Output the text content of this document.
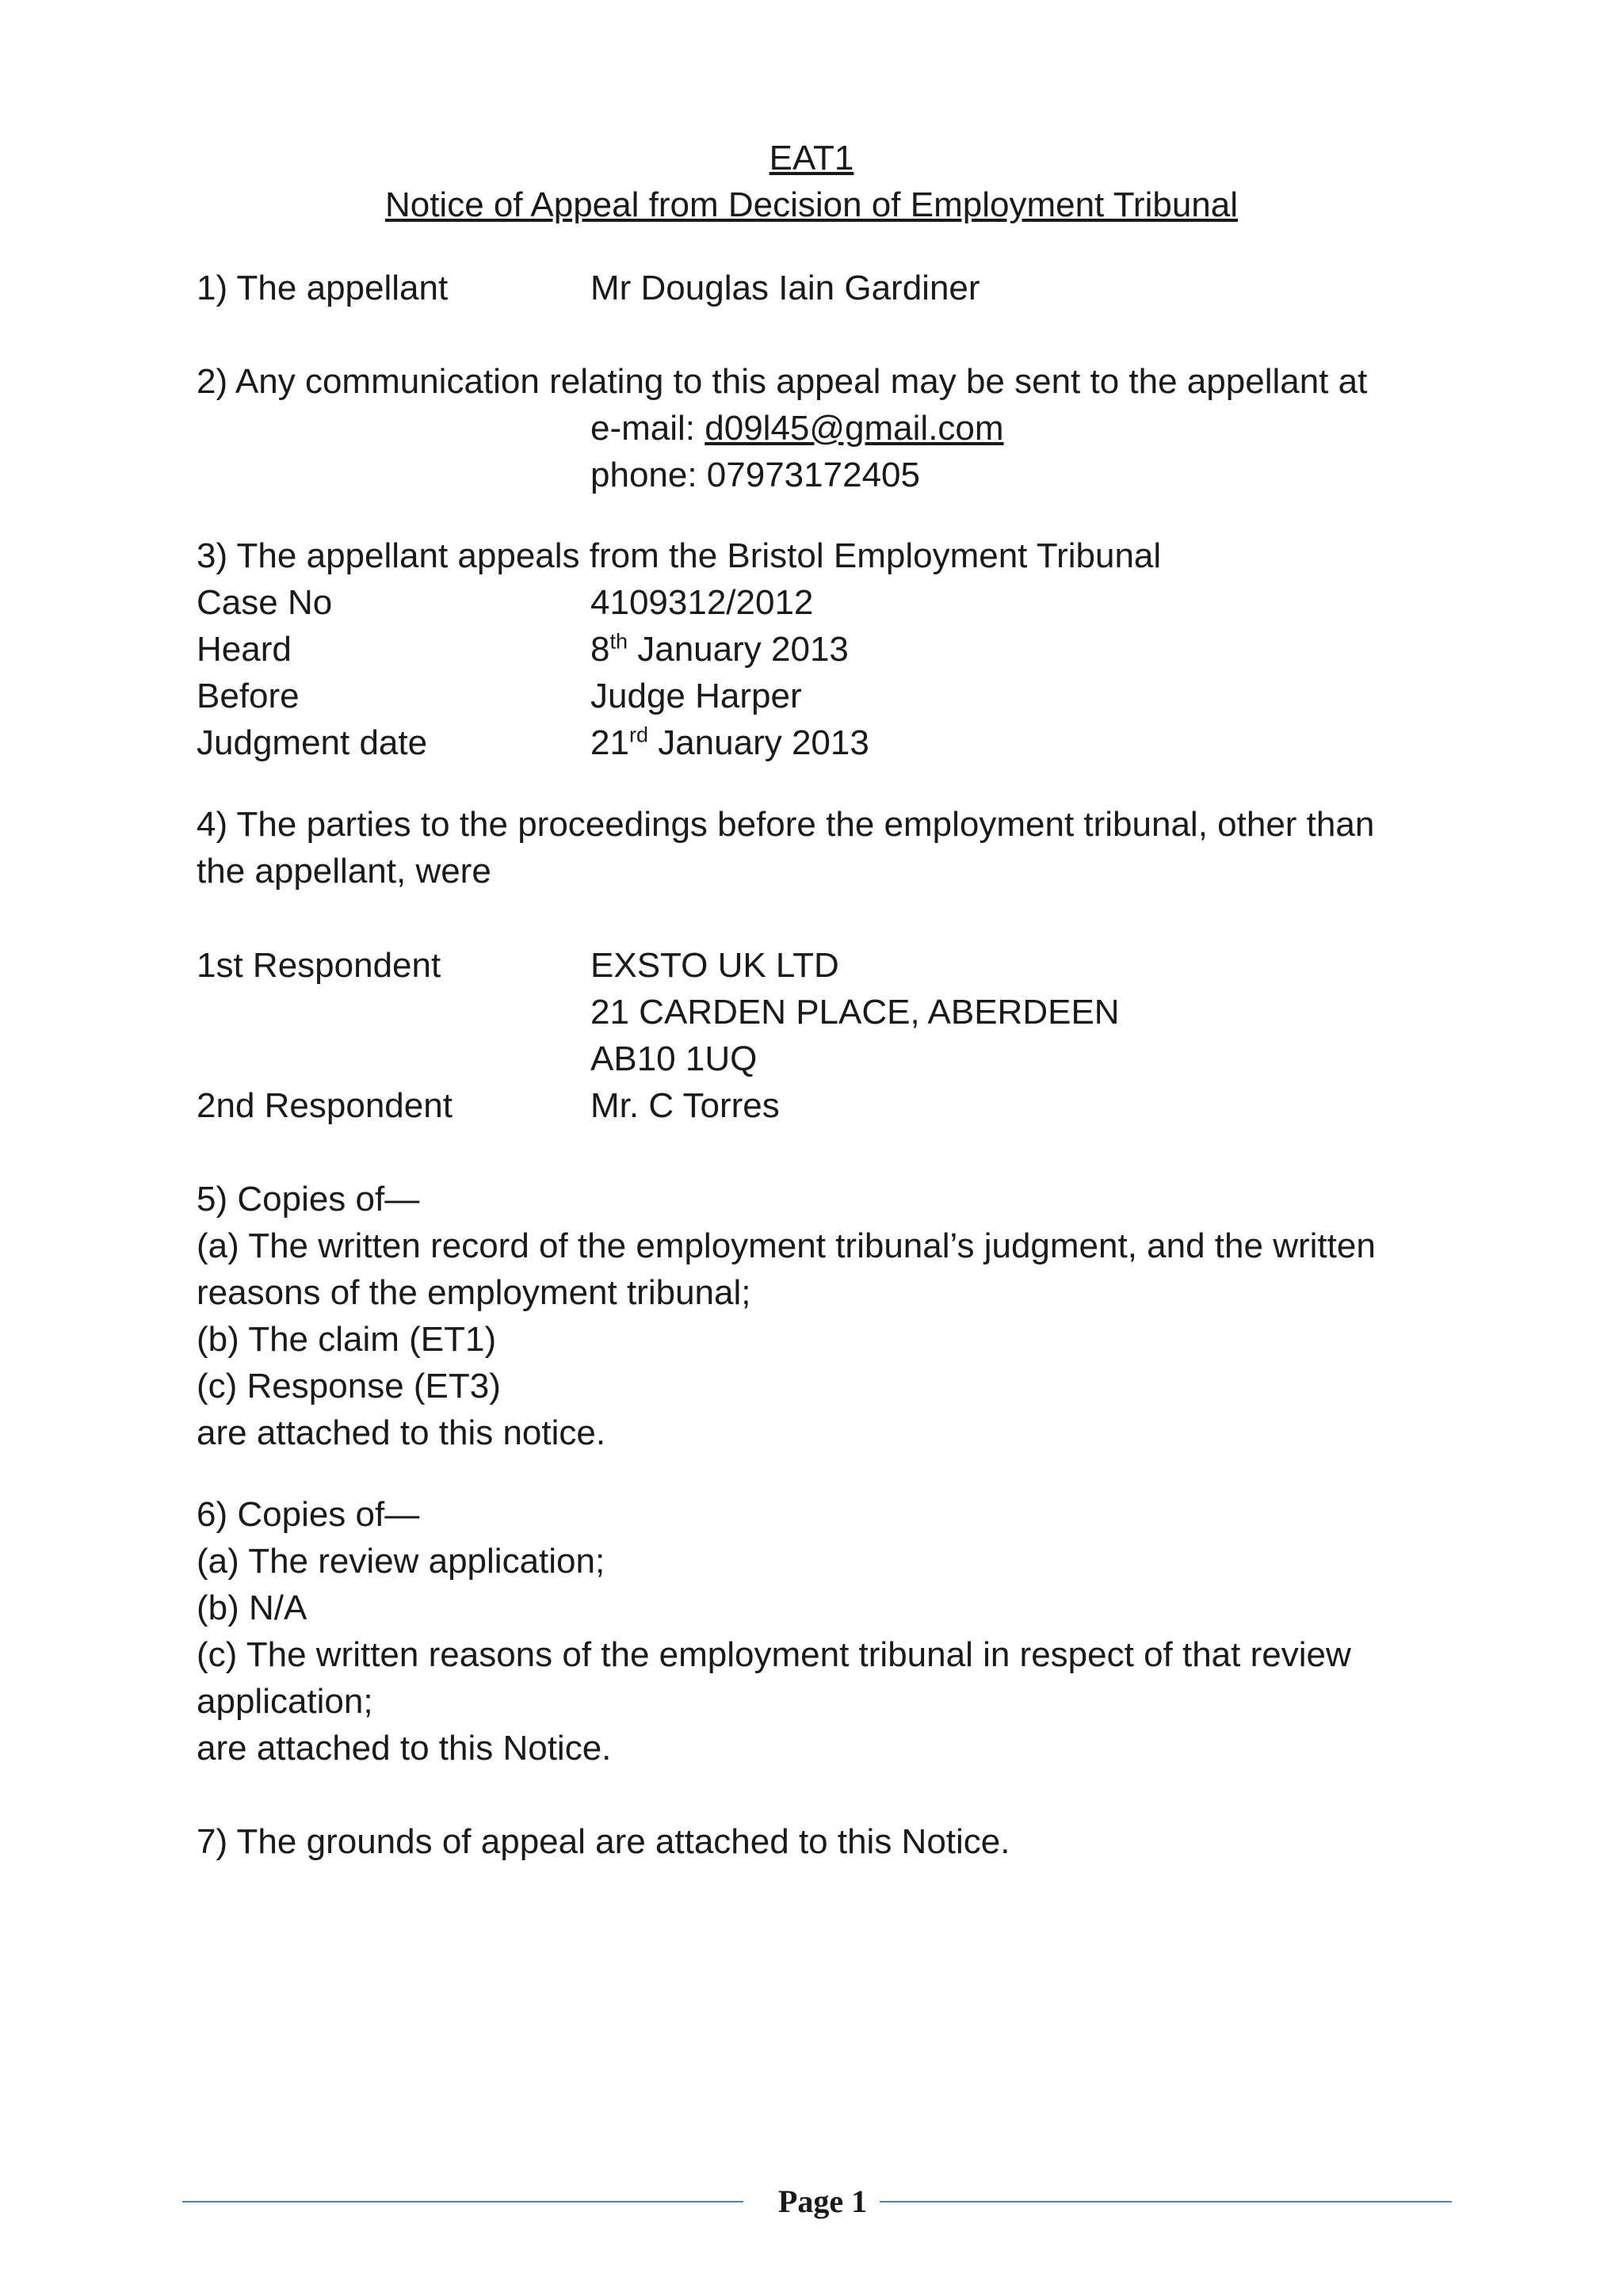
EAT1
Notice of Appeal from Decision of Employment Tribunal
1) The appellant	Mr Douglas Iain Gardiner
2) Any communication relating to this appeal may be sent to the appellant at
e-mail: d09l45@gmail.com
phone: 07973172405
3) The appellant appeals from the Bristol Employment Tribunal
Case No	4109312/2012
Heard	8th January 2013
Before	Judge Harper
Judgment date	21rd January 2013
4) The parties to the proceedings before the employment tribunal, other than
the appellant, were
1st Respondent	EXSTO UK LTD
21 CARDEN PLACE, ABERDEEN
AB10 1UQ
2nd Respondent	Mr. C Torres
5) Copies of—
(a) The written record of the employment tribunal’s judgment, and the written
reasons of the employment tribunal;
(b) The claim (ET1)
(c) Response (ET3)
are attached to this notice.
6) Copies of—
(a) The review application;
(b) N/A
(c) The written reasons of the employment tribunal in respect of that review
application;
are attached to this Notice.
7) The grounds of appeal are attached to this Notice.
Page 1
